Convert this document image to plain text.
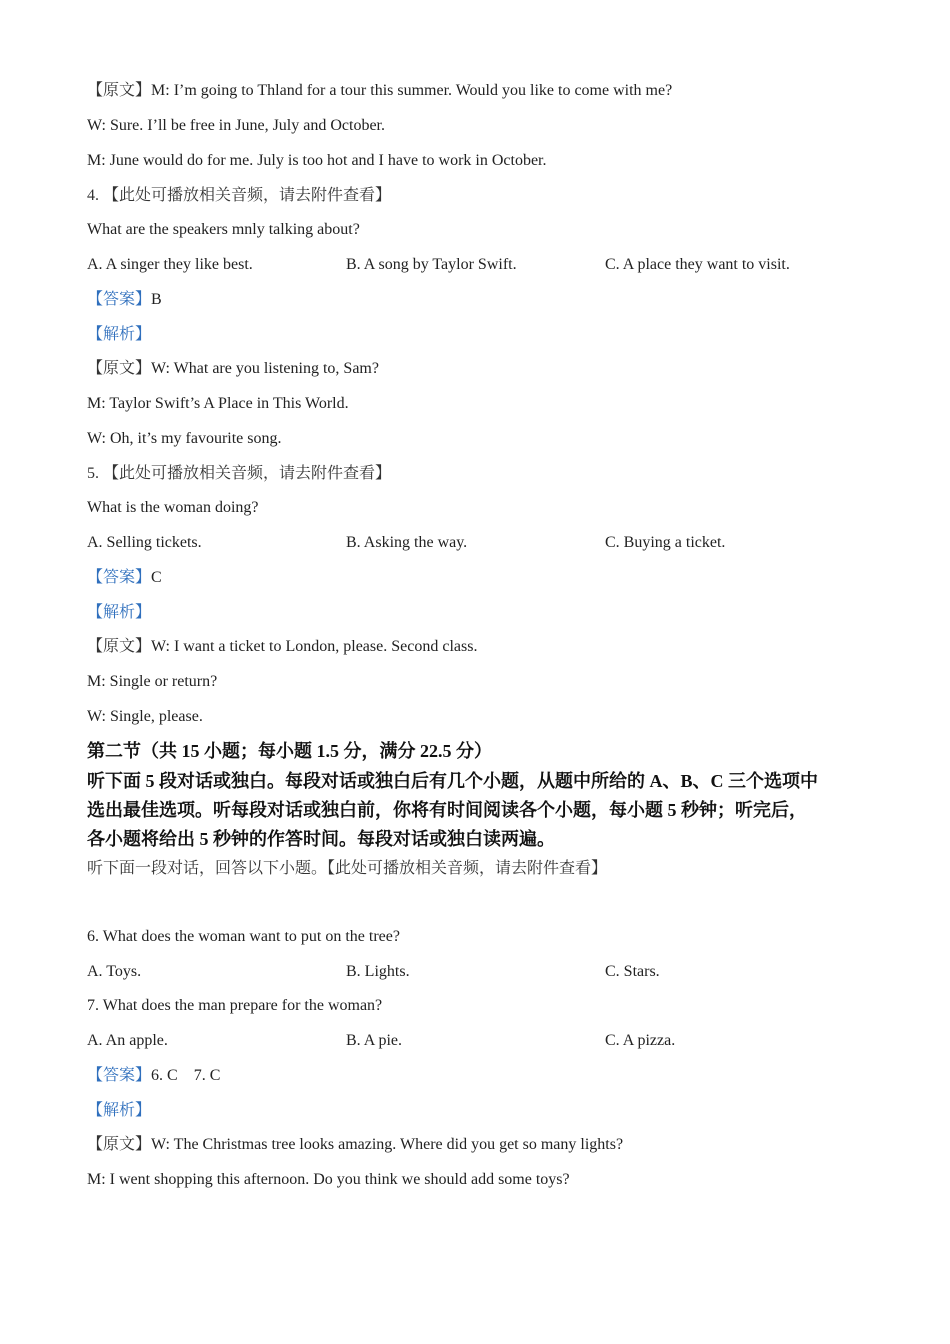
【原文】M: I’m going to Thland for a tour this summer. Would you like to come with me?
W: Sure. I’ll be free in June, July and October.
M: June would do for me. July is too hot and I have to work in October.
4. 【此处可播放相关音频，请去附件查看】
What are the speakers mnly talking about?
A. A singer they like best.	B. A song by Taylor Swift.	C. A place they want to visit.
【答案】B
【解析】
【原文】W: What are you listening to, Sam?
M: Taylor Swift’s A Place in This World.
W: Oh, it’s my favourite song.
5. 【此处可播放相关音频，请去附件查看】
What is the woman doing?
A. Selling tickets.	B. Asking the way.	C. Buying a ticket.
【答案】C
【解析】
【原文】W: I want a ticket to London, please. Second class.
M: Single or return?
W: Single, please.
第二节（共 15 小题；每小题 1.5 分，满分 22.5 分）
听下面 5 段对话或独白。每段对话或独白后有几个小题，从题中所给的 A、B、C 三个选项中
选出最佳选项。听每段对话或独白前，你将有时间阅读各个小题，每小题 5 秒钟；听完后，
各小题将给出 5 秒钟的作答时间。每段对话或独白读两遍。
听下面一段对话，回答以下小题。【此处可播放相关音频，请去附件查看】
6. What does the woman want to put on the tree?
A. Toys.	B. Lights.	C. Stars.
7. What does the man prepare for the woman?
A. An apple.	B. A pie.	C. A pizza.
【答案】6. C    7. C
【解析】
【原文】W: The Christmas tree looks amazing. Where did you get so many lights?
M: I went shopping this afternoon. Do you think we should add some toys?
